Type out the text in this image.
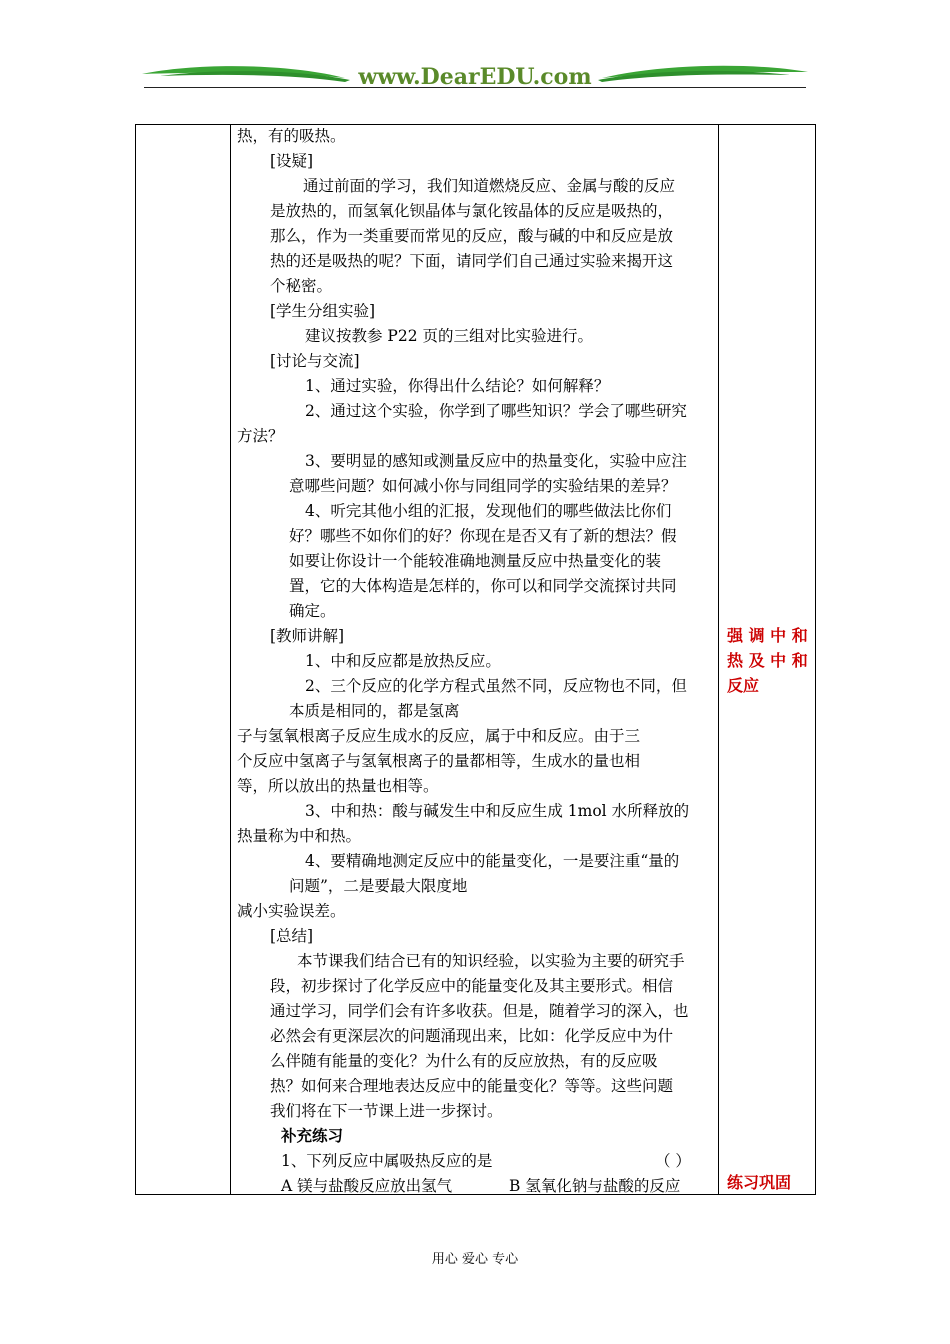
www.DearEDU.com

热，有的吸热。

[设疑]

通过前面的学习，我们知道燃烧反应、金属与酸的反应

是放热的，而氢氧化钡晶体与氯化铵晶体的反应是吸热的，

那么，作为一类重要而常见的反应，酸与碱的中和反应是放

热的还是吸热的呢？下面，请同学们自己通过实验来揭开这

个秘密。

[学生分组实验]

建议按教参 P22 页的三组对比实验进行。

[讨论与交流]

1、通过实验，你得出什么结论？如何解释？

2、通过这个实验，你学到了哪些知识？学会了哪些研究

方法？

3、要明显的感知或测量反应中的热量变化，实验中应注

意哪些问题？如何减小你与同组同学的实验结果的差异？

4、听完其他小组的汇报，发现他们的哪些做法比你们

好？哪些不如你们的好？你现在是否又有了新的想法？假

如要让你设计一个能较准确地测量反应中热量变化的装

置，它的大体构造是怎样的，你可以和同学交流探讨共同

确定。

[教师讲解]

1、中和反应都是放热反应。

2、三个反应的化学方程式虽然不同，反应物也不同，但

本质是相同的，都是氢离

子与氢氧根离子反应生成水的反应，属于中和反应。由于三

个反应中氢离子与氢氧根离子的量都相等，生成水的量也相

等，所以放出的热量也相等。

3、中和热：酸与碱发生中和反应生成 1mol 水所释放的

热量称为中和热。

4、要精确地测定反应中的能量变化，一是要注重“量的

问题”，二是要最大限度地

减小实验误差。

[总结]

本节课我们结合已有的知识经验，以实验为主要的研究手

段，初步探讨了化学反应中的能量变化及其主要形式。相信

通过学习，同学们会有许多收获。但是，随着学习的深入，也

必然会有更深层次的问题涌现出来，比如：化学反应中为什

么伴随有能量的变化？为什么有的反应放热，有的反应吸

热？如何来合理地表达反应中的能量变化？等等。这些问题

我们将在下一节课上进一步探讨。

补充练习

1、下列反应中属吸热反应的是	（ ）

A 镁与盐酸反应放出氢气	B 氢氧化钠与盐酸的反应

强 调 中 和
热 及 中 和
反应
练习巩固
用心 爱心 专心
